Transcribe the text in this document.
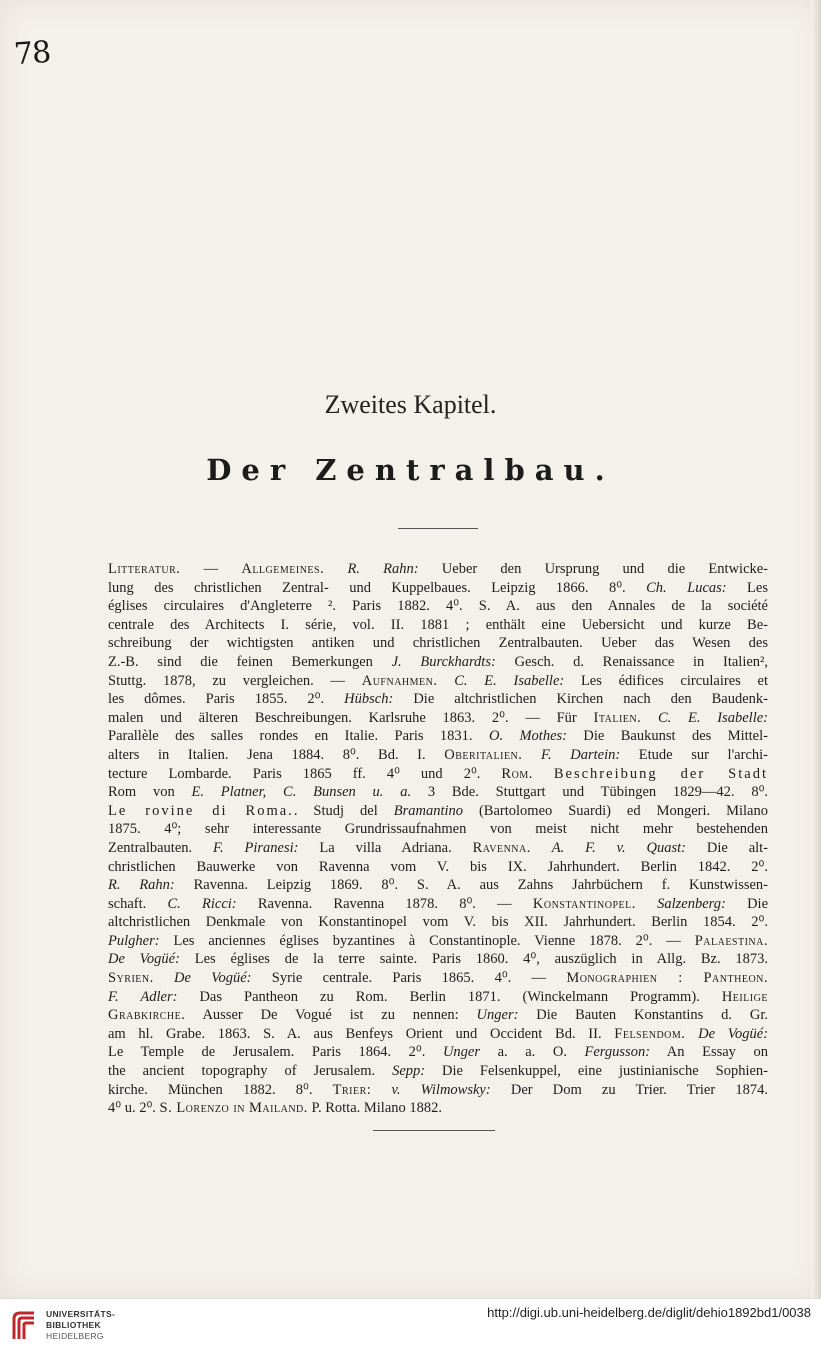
78
Zweites Kapitel.
Der Zentralbau.
Litteratur. — Allgemeines. R. Rahn: Ueber den Ursprung und die Entwicke-
lung des christlichen Zentral- und Kuppelbaues. Leipzig 1866. 8⁰. Ch. Lucas: Les
églises circulaires d'Angleterre ². Paris 1882. 4⁰. S. A. aus den Annales de la société
centrale des Architects I. série, vol. II. 1881 ; enthält eine Uebersicht und kurze Be-
schreibung der wichtigsten antiken und christlichen Zentralbauten. Ueber das Wesen des
Z.-B. sind die feinen Bemerkungen J. Burckhardts: Gesch. d. Renaissance in Italien²,
Stuttg. 1878, zu vergleichen. — Aufnahmen. C. E. Isabelle: Les édifices circulaires et
les dômes. Paris 1855. 2⁰. Hübsch: Die altchristlichen Kirchen nach den Baudenk-
malen und älteren Beschreibungen. Karlsruhe 1863. 2⁰. — Für Italien. C. E. Isabelle:
Parallèle des salles rondes en Italie. Paris 1831. O. Mothes: Die Baukunst des Mittel-
alters in Italien. Jena 1884. 8⁰. Bd. I. Oberitalien. F. Dartein: Etude sur l'archi-
tecture Lombarde. Paris 1865 ff. 4⁰ und 2⁰. Rom. Beschreibung der Stadt
Rom von E. Platner, C. Bunsen u. a. 3 Bde. Stuttgart und Tübingen 1829—42. 8⁰.
Le rovine di Roma.. Studj del Bramantino (Bartolomeo Suardi) ed Mongeri. Milano
1875. 4⁰; sehr interessante Grundrissaufnahmen von meist nicht mehr bestehenden
Zentralbauten. F. Piranesi: La villa Adriana. Ravenna. A. F. v. Quast: Die alt-
christlichen Bauwerke von Ravenna vom V. bis IX. Jahrhundert. Berlin 1842. 2⁰.
R. Rahn: Ravenna. Leipzig 1869. 8⁰. S. A. aus Zahns Jahrbüchern f. Kunstwissen-
schaft. C. Ricci: Ravenna. Ravenna 1878. 8⁰. — Konstantinopel. Salzenberg: Die
altchristlichen Denkmale von Konstantinopel vom V. bis XII. Jahrhundert. Berlin 1854. 2⁰.
Pulgher: Les anciennes églises byzantines à Constantinople. Vienne 1878. 2⁰. — Palaestina.
De Vogüé: Les églises de la terre sainte. Paris 1860. 4⁰, auszüglich in Allg. Bz. 1873.
Syrien. De Vogüé: Syrie centrale. Paris 1865. 4⁰. — Monographien : Pantheon.
F. Adler: Das Pantheon zu Rom. Berlin 1871. (Winckelmann Programm). Heilige
Grabkirche. Ausser De Vogué ist zu nennen: Unger: Die Bauten Konstantins d. Gr.
am hl. Grabe. 1863. S. A. aus Benfeys Orient und Occident Bd. II. Felsendom. De Vogüé:
Le Temple de Jerusalem. Paris 1864. 2⁰. Unger a. a. O. Fergusson: An Essay on
the ancient topography of Jerusalem. Sepp: Die Felsenkuppel, eine justinianische Sophien-
kirche. München 1882. 8⁰. Trier: v. Wilmowsky: Der Dom zu Trier. Trier 1874.
4⁰ u. 2⁰. S. Lorenzo in Mailand. P. Rotta. Milano 1882.
UNIVERSITÄTS-
BIBLIOTHEK
HEIDELBERG
http://digi.ub.uni-heidelberg.de/diglit/dehio1892bd1/0038
